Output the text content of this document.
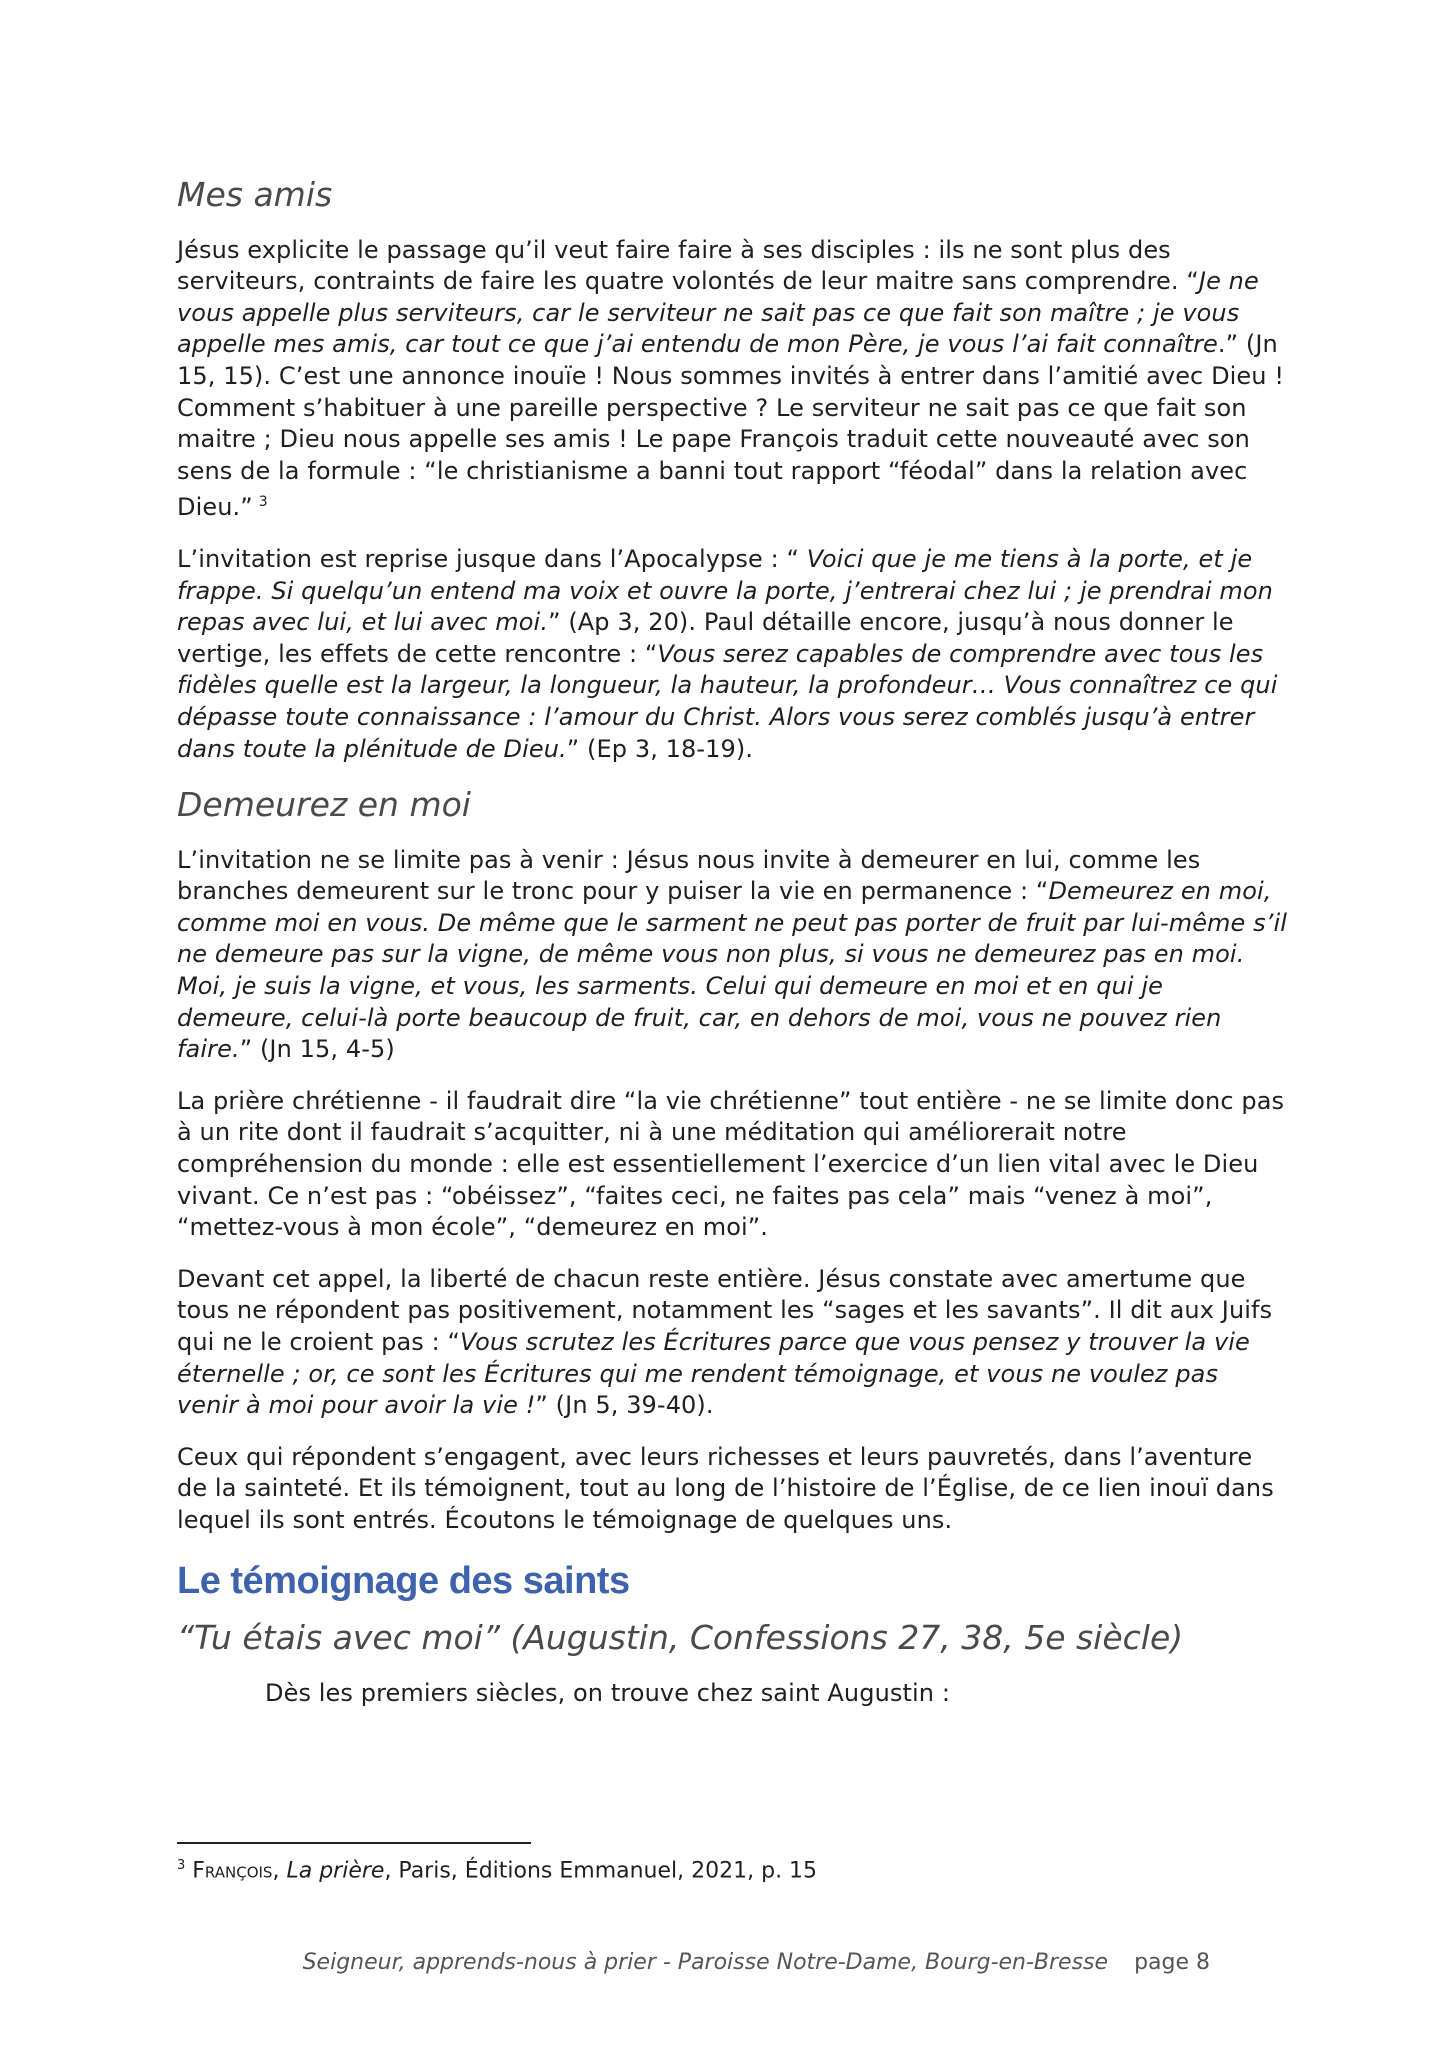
Mes amis

Jésus explicite le passage qu’il veut faire faire à ses disciples : ils ne sont plus des serviteurs, contraints de faire les quatre volontés de leur maitre sans comprendre. “Je ne vous appelle plus serviteurs, car le serviteur ne sait pas ce que fait son maître ; je vous appelle mes amis, car tout ce que j’ai entendu de mon Père, je vous l’ai fait connaître.” (Jn 15, 15). C’est une annonce inouïe ! Nous sommes invités à entrer dans l’amitié avec Dieu ! Comment s’habituer à une pareille perspective ? Le serviteur ne sait pas ce que fait son maitre ; Dieu nous appelle ses amis ! Le pape François traduit cette nouveauté avec son sens de la formule : “le christianisme a banni tout rapport “féodal” dans la relation avec Dieu.” $^3$

L’invitation est reprise jusque dans l’Apocalypse : “ Voici que je me tiens à la porte, et je frappe. Si quelqu’un entend ma voix et ouvre la porte, j’entrerai chez lui ; je prendrai mon repas avec lui, et lui avec moi.” (Ap 3, 20). Paul détaille encore, jusqu’à nous donner le vertige, les effets de cette rencontre : “Vous serez capables de comprendre avec tous les fidèles quelle est la largeur, la longueur, la hauteur, la profondeur… Vous connaîtrez ce qui dépasse toute connaissance : l’amour du Christ. Alors vous serez comblés jusqu’à entrer dans toute la plénitude de Dieu.” (Ep 3, 18-19).

Demeurez en moi

L’invitation ne se limite pas à venir : Jésus nous invite à demeurer en lui, comme les branches demeurent sur le tronc pour y puiser la vie en permanence : “Demeurez en moi, comme moi en vous. De même que le sarment ne peut pas porter de fruit par lui-même s’il ne demeure pas sur la vigne, de même vous non plus, si vous ne demeurez pas en moi. Moi, je suis la vigne, et vous, les sarments. Celui qui demeure en moi et en qui je demeure, celui-là porte beaucoup de fruit, car, en dehors de moi, vous ne pouvez rien faire.” (Jn 15, 4-5)

La prière chrétienne - il faudrait dire “la vie chrétienne” tout entière - ne se limite donc pas à un rite dont il faudrait s’acquitter, ni à une méditation qui améliorerait notre compréhension du monde : elle est essentiellement l’exercice d’un lien vital avec le Dieu vivant. Ce n’est pas : “obéissez”, “faites ceci, ne faites pas cela” mais “venez à moi”, “mettez-vous à mon école”, “demeurez en moi”.

Devant cet appel, la liberté de chacun reste entière. Jésus constate avec amertume que tous ne répondent pas positivement, notamment les “sages et les savants”. Il dit aux Juifs qui ne le croient pas : “Vous scrutez les Écritures parce que vous pensez y trouver la vie éternelle ; or, ce sont les Écritures qui me rendent témoignage, et vous ne voulez pas venir à moi pour avoir la vie !” (Jn 5, 39-40).

Ceux qui répondent s’engagent, avec leurs richesses et leurs pauvretés, dans l’aventure de la sainteté. Et ils témoignent, tout au long de l’histoire de l’Église, de ce lien inouï dans lequel ils sont entrés. Écoutons le témoignage de quelques uns.

Le témoignage des saints
“Tu étais avec moi” (Augustin, Confessions 27, 38, 5e siècle)

Dès les premiers siècles, on trouve chez saint Augustin :

$^3$ François, La prière, Paris, Éditions Emmanuel, 2021, p. 15
Seigneur, apprends-nous à prier - Paroisse Notre-Dame, Bourg-en-Bresse page 8
